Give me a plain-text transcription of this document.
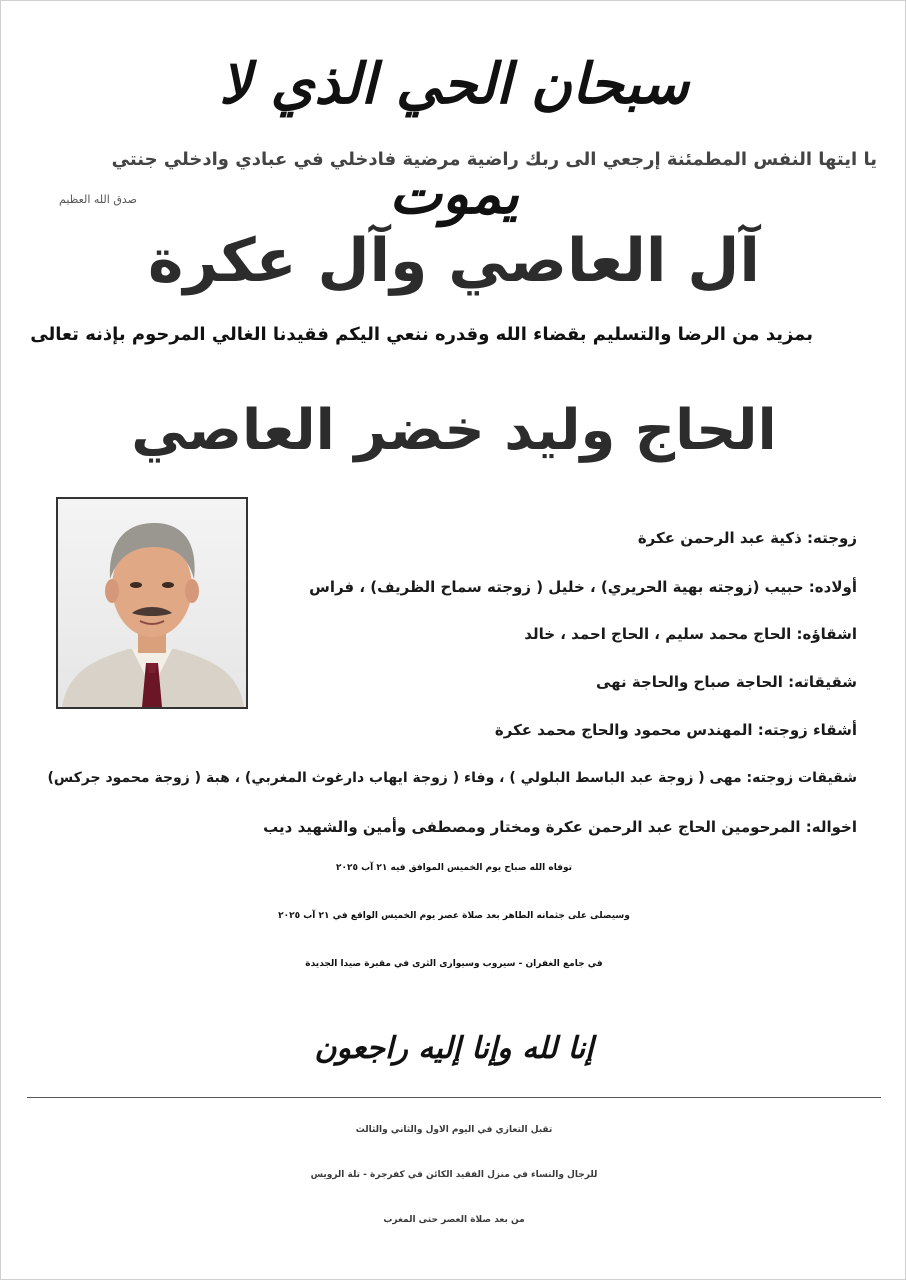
سبحان الحي الذي لا يموت
يا ايتها النفس المطمئنة إرجعي الى ربك راضية مرضية فادخلي في عبادي وادخلي جنتي
صدق الله العظيم
آل العاصي وآل عكرة
بمزيد من الرضا والتسليم بقضاء الله وقدره ننعي اليكم فقيدنا الغالي المرحوم بإذنه تعالى
الحاج وليد خضر العاصي
زوجته: ذكية عبد الرحمن عكرة
أولاده: حبيب (زوجته بهية الحريري) ، خليل ( زوجته سماح الظريف) ، فراس
اشقاؤه: الحاج محمد سليم ، الحاج احمد ، خالد
شقيقاته: الحاجة صباح والحاجة نهى
أشقاء زوجته: المهندس محمود والحاج محمد عكرة
شقيقات زوجته: مهى ( زوجة عبد الباسط البلولي ) ، وفاء ( زوجة ايهاب دارغوث المغربي) ، هبة ( زوجة محمود جركس)
اخواله: المرحومين الحاج عبد الرحمن عكرة ومختار ومصطفى وأمين والشهيد ديب
توفاه الله صباح يوم الخميس الموافق فيه ٢١ آب ٢٠٢٥
وسيصلى على جثمانه الطاهر بعد صلاة عصر يوم الخميس الواقع في ٢١ آب ٢٠٢٥
في جامع الغفران - سيروب وسيوارى الثرى في مقبرة صيدا الجديدة
إنا لله وإنا إليه راجعون
تقبل التعازي في اليوم الاول والثاني والثالث
للرجال والنساء في منزل الفقيد الكائن في كفرجرة - تلة الرويس
من بعد صلاة العصر حتى المغرب
